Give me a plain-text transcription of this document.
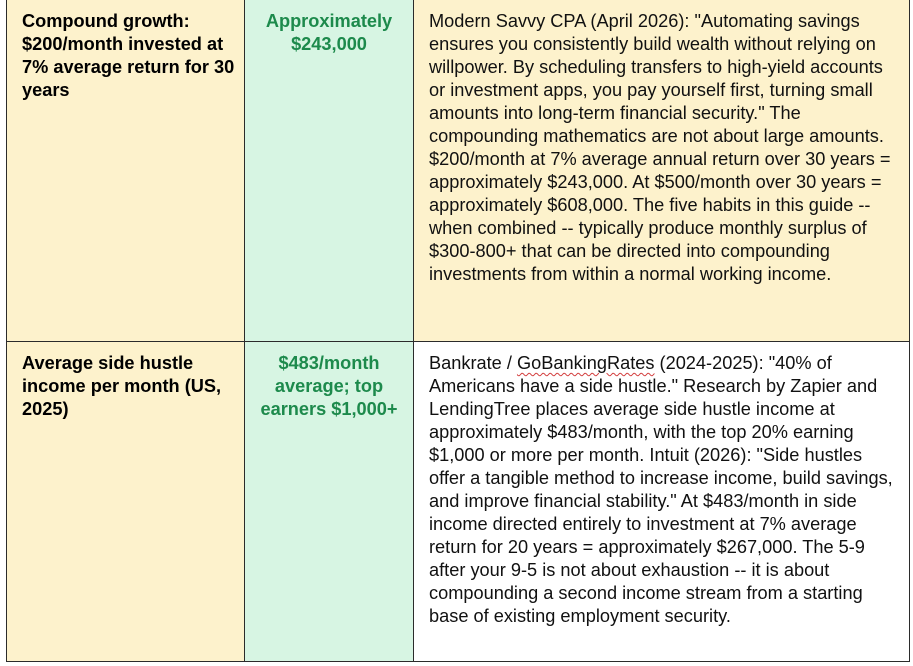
Compound growth: $200/month invested at 7% average return for 30 years	Approximately $243,000	Modern Savvy CPA (April 2026): "Automating savings ensures you consistently build wealth without relying on willpower. By scheduling transfers to high-yield accounts or investment apps, you pay yourself first, turning small amounts into long-term financial security." The compounding mathematics are not about large amounts. $200/month at 7% average annual return over 30 years = approximately $243,000. At $500/month over 30 years = approximately $608,000. The five habits in this guide -- when combined -- typically produce monthly surplus of $300-800+ that can be directed into compounding investments from within a normal working income.

Average side hustle income per month (US, 2025)	$483/month average; top earners $1,000+	Bankrate / GoBankingRates (2024-2025): "40% of Americans have a side hustle." Research by Zapier and LendingTree places average side hustle income at approximately $483/month, with the top 20% earning $1,000 or more per month. Intuit (2026): "Side hustles offer a tangible method to increase income, build savings, and improve financial stability." At $483/month in side income directed entirely to investment at 7% average return for 20 years = approximately $267,000. The 5-9 after your 9-5 is not about exhaustion -- it is about compounding a second income stream from a starting base of existing employment security.
